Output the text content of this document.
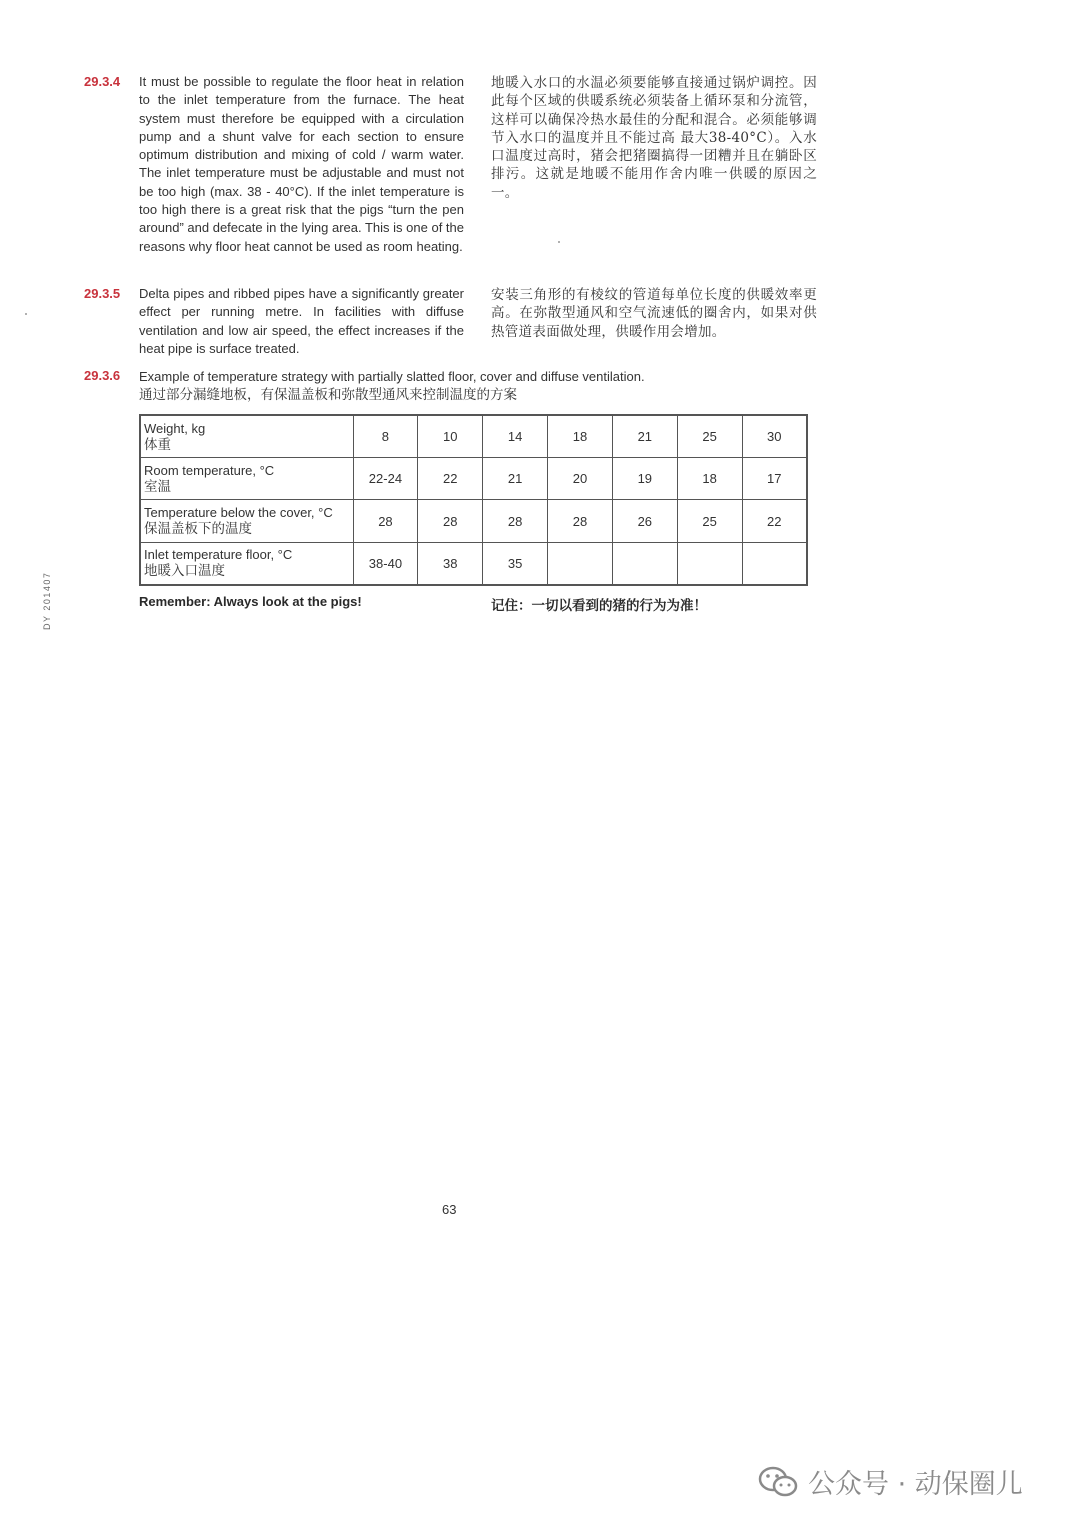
29.3.4 It must be possible to regulate the floor heat in relation to the inlet temperature from the furnace. The heat system must therefore be equipped with a circulation pump and a shunt valve for each section to ensure optimum distribution and mixing of cold / warm water. The inlet temperature must be adjustable and must not be too high (max. 38 - 40°C). If the inlet temperature is too high there is a great risk that the pigs “turn the pen around” and defecate in the lying area. This is one of the reasons why floor heat cannot be used as room heating.
地暖入水口的水温必须要能够直接通过锅炉调控。因此每个区域的供暖系统必须装备上循环泵和分流管，这样可以确保冷热水最佳的分配和混合。必须能够调节入水口的温度并且不能过高 最大38-40°C）。入水口温度过高时，猪会把猪圈搞得一团糟并且在躺卧区排污。这就是地暖不能用作舍内唯一供暖的原因之一。
29.3.5 Delta pipes and ribbed pipes have a significantly greater effect per running metre. In facilities with diffuse ventilation and low air speed, the effect increases if the heat pipe is surface treated.
安装三角形的有棱纹的管道每单位长度的供暖效率更高。在弥散型通风和空气流速低的圈舍内，如果对供热管道表面做处理，供暖作用会增加。
29.3.6 Example of temperature strategy with partially slatted floor, cover and diffuse ventilation.
通过部分漏缝地板，有保温盖板和弥散型通风来控制温度的方案
Weight, kg
体重	8	10	14	18	21	25	30

Room temperature, °C
室温	22-24	22	21	20	19	18	17

Temperature below the cover, °C
保温盖板下的温度	28	28	28	28	26	25	22

Inlet temperature floor, °C
地暖入口温度	38-40	38	35				
Remember: Always look at the pigs!	记住：一切以看到的猪的行为为准！
DY 201407
63
公众号 · 动保圈儿
